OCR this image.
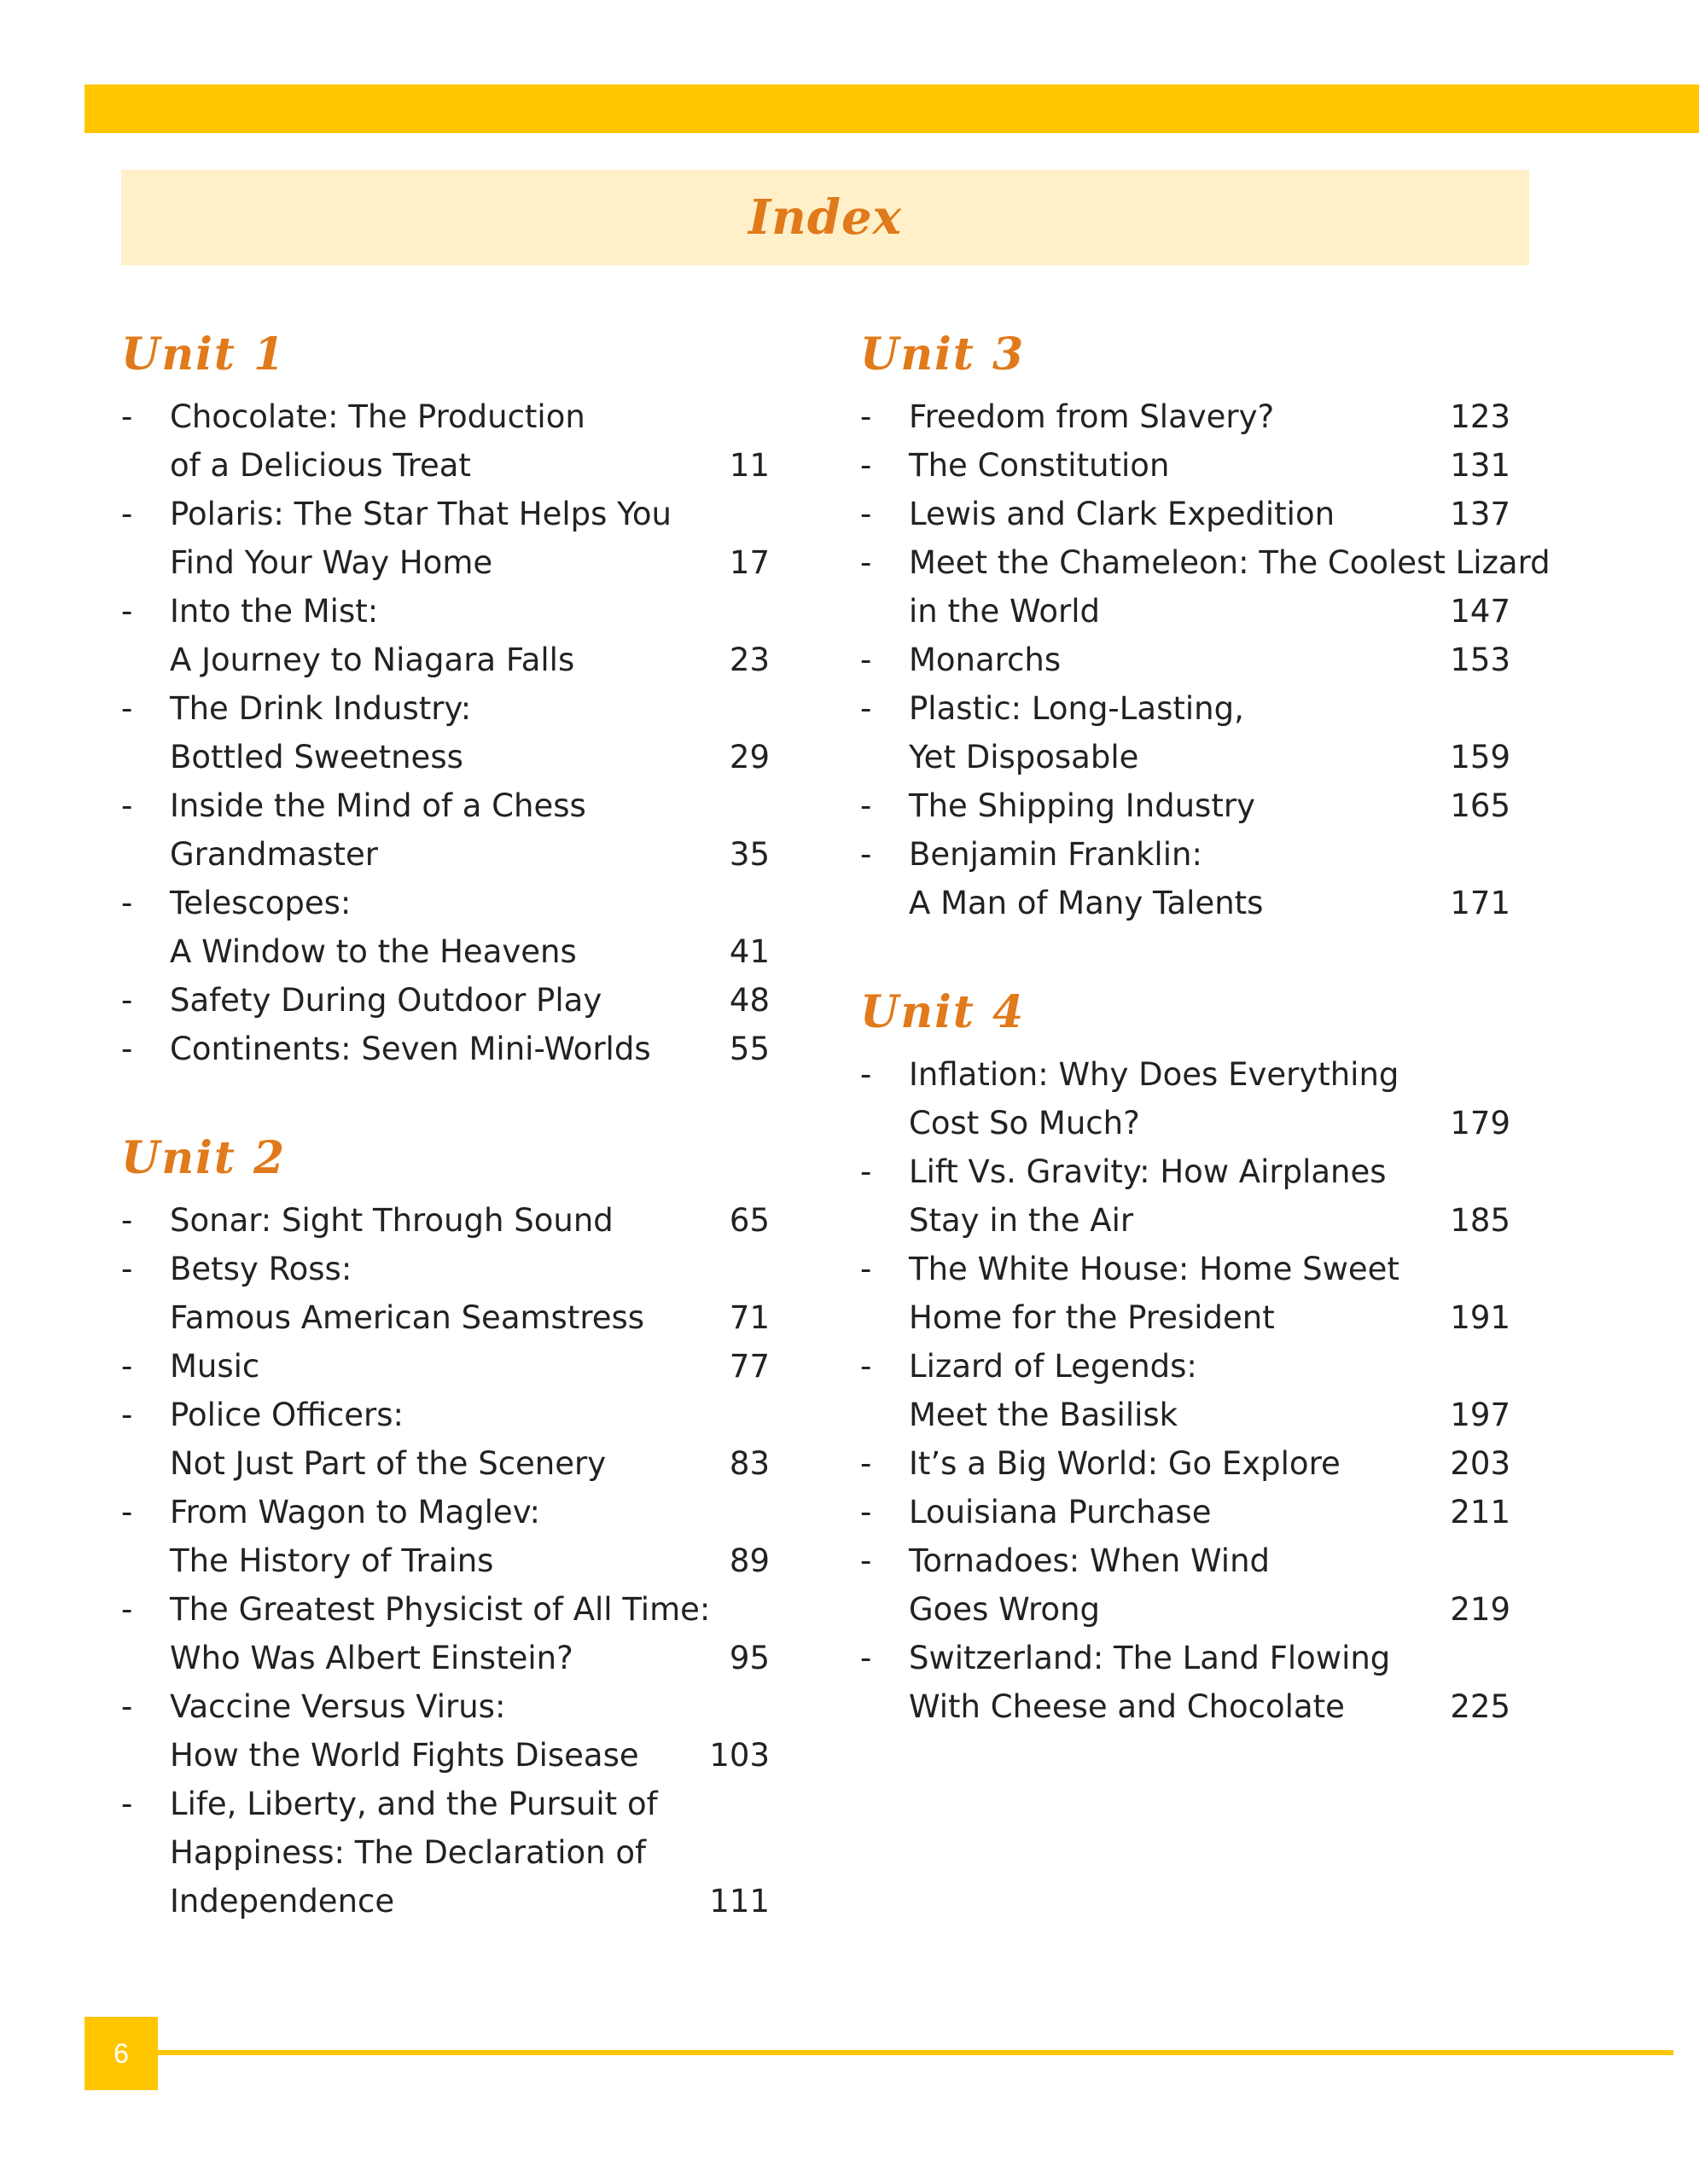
Index
Unit 1
- Chocolate: The Production
of a Delicious Treat	11
- Polaris: The Star That Helps You
Find Your Way Home	17
- Into the Mist:
A Journey to Niagara Falls	23
- The Drink Industry:
Bottled Sweetness	29
- Inside the Mind of a Chess
Grandmaster	35
- Telescopes:
A Window to the Heavens	41
- Safety During Outdoor Play	48
- Continents: Seven Mini-Worlds	55
Unit 2
- Sonar: Sight Through Sound	65
- Betsy Ross:
Famous American Seamstress	71
- Music	77
- Police Officers:
Not Just Part of the Scenery	83
- From Wagon to Maglev:
The History of Trains	89
- The Greatest Physicist of All Time:
Who Was Albert Einstein?	95
- Vaccine Versus Virus:
How the World Fights Disease	103
- Life, Liberty, and the Pursuit of
Happiness: The Declaration of
Independence	111
Unit 3
- Freedom from Slavery?	123
- The Constitution	131
- Lewis and Clark Expedition	137
- Meet the Chameleon: The Coolest Lizard
in the World	147
- Monarchs	153
- Plastic: Long-Lasting,
Yet Disposable	159
- The Shipping Industry	165
- Benjamin Franklin:
A Man of Many Talents	171
Unit 4
- Inflation: Why Does Everything
Cost So Much?	179
- Lift Vs. Gravity: How Airplanes
Stay in the Air	185
- The White House: Home Sweet
Home for the President	191
- Lizard of Legends:
Meet the Basilisk	197
- It’s a Big World: Go Explore	203
- Louisiana Purchase	211
- Tornadoes: When Wind
Goes Wrong	219
- Switzerland: The Land Flowing
With Cheese and Chocolate	225
6
